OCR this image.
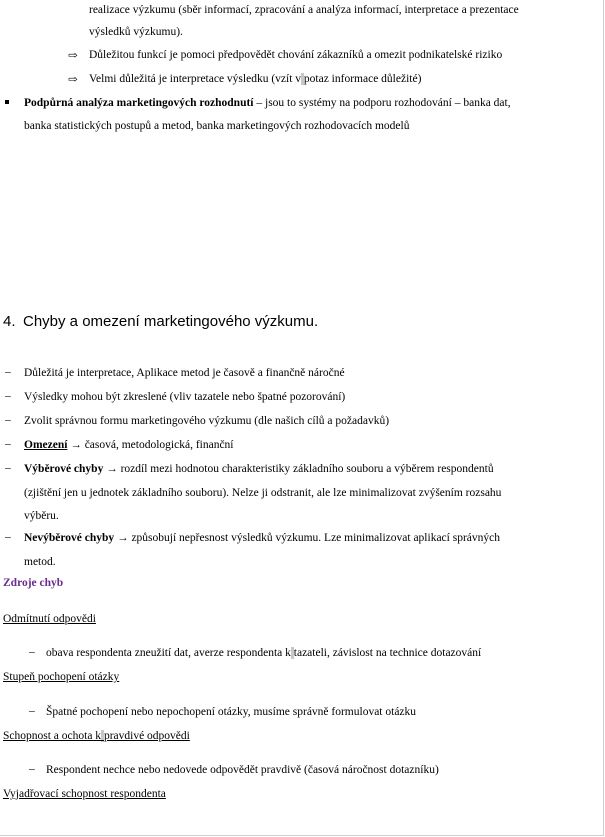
realizace výzkumu (sběr informací, zpracování a analýza informací, interpretace a prezentace
výsledků výzkumu).
⇨ Důležitou funkcí je pomoci předpovědět chování zákazníků a omezit podnikatelské riziko
⇨ Velmi důležitá je interpretace výsledku (vzít v potaz informace důležité)
Podpůrná analýza marketingových rozhodnutí – jsou to systémy na podporu rozhodování – banka dat,
banka statistických postupů a metod, banka marketingových rozhodovacích modelů
4. Chyby a omezení marketingového výzkumu.
– Důležitá je interpretace, Aplikace metod je časově a finančně náročné
– Výsledky mohou být zkreslené (vliv tazatele nebo špatné pozorování)
– Zvolit správnou formu marketingového výzkumu (dle našich cílů a požadavků)
– Omezení → časová, metodologická, finanční
– Výběrové chyby → rozdíl mezi hodnotou charakteristiky základního souboru a výběrem respondentů
(zjištění jen u jednotek základního souboru). Nelze ji odstranit, ale lze minimalizovat zvýšením rozsahu
výběru.
– Nevýběrové chyby → způsobují nepřesnost výsledků výzkumu. Lze minimalizovat aplikací správných
metod.
Zdroje chyb
Odmítnutí odpovědi
– obava respondenta zneužití dat, averze respondenta k tazateli, závislost na technice dotazování
Stupeň pochopení otázky
– Špatné pochopení nebo nepochopení otázky, musíme správně formulovat otázku
Schopnost a ochota k pravdivé odpovědi
– Respondent nechce nebo nedovede odpovědět pravdivě (časová náročnost dotazníku)
Vyjadřovací schopnost respondenta
